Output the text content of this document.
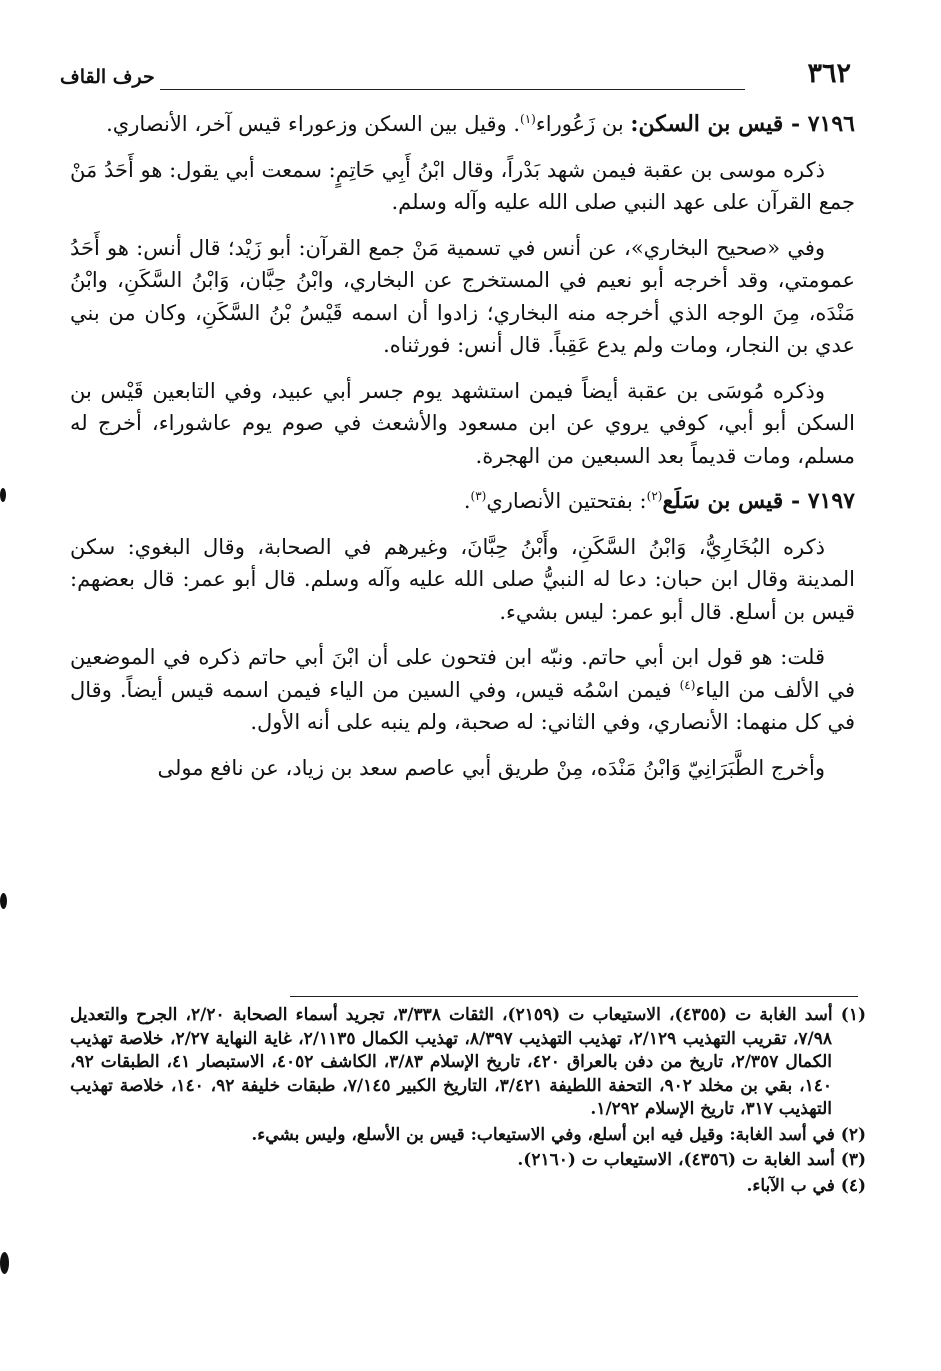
٣٦٢
حرف القاف

٧١٩٦ - قيس بن السكن: بن زَعُوراء$^{(١)}$. وقيل بين السكن وزعوراء قيس آخر، الأنصاري.

ذكره موسى بن عقبة فيمن شهد بَدْراً، وقال ابْنُ أَبِي حَاتِمٍ: سمعت أبي يقول: هو أَحَدُ مَنْ جمع القرآن على عهد النبي صلى الله عليه وآله وسلم.

وفي «صحيح البخاري»، عن أنس في تسمية مَنْ جمع القرآن: أبو زَيْد؛ قال أنس: هو أَحَدُ عمومتي، وقد أخرجه أبو نعيم في المستخرج عن البخاري، وابْنُ حِبَّان، وَابْنُ السَّكَنِ، وابْنُ مَنْدَه، مِنَ الوجه الذي أخرجه منه البخاري؛ زادوا أن اسمه قَيْسُ بْنُ السَّكَنِ، وكان من بني عدي بن النجار، ومات ولم يدع عَقِباً. قال أنس: فورثناه.

وذكره مُوسَى بن عقبة أيضاً فيمن استشهد يوم جسر أبي عبيد، وفي التابعين قَيْس بن السكن أبو أبي، كوفي يروي عن ابن مسعود والأشعث في صوم يوم عاشوراء، أخرج له مسلم، ومات قديماً بعد السبعين من الهجرة.

٧١٩٧ - قيس بن سَلَع$^{(٢)}$: بفتحتين الأنصاري$^{(٣)}$.

ذكره البُخَارِيُّ، وَابْنُ السَّكَنِ، وأَبْنُ حِبَّانَ، وغيرهم في الصحابة، وقال البغوي: سكن المدينة وقال ابن حبان: دعا له النبيُّ صلى الله عليه وآله وسلم. قال أبو عمر: قال بعضهم: قيس بن أسلع. قال أبو عمر: ليس بشيء.

قلت: هو قول ابن أبي حاتم. ونبّه ابن فتحون على أن ابْنَ أبي حاتم ذكره في الموضعين في الألف من الياء$^{(٤)}$ فيمن اسْمُه قيس، وفي السين من الياء فيمن اسمه قيس أيضاً. وقال في كل منهما: الأنصاري، وفي الثاني: له صحبة، ولم ينبه على أنه الأول.

وأخرج الطَّبَرَانِيّ وَابْنُ مَنْدَه، مِنْ طريق أبي عاصم سعد بن زياد، عن نافع مولى

(١) أسد الغابة ت (٤٣٥٥)، الاستيعاب ت (٢١٥٩)، الثقات ٣/٣٣٨، تجريد أسماء الصحابة ٢/٢٠، الجرح والتعديل ٧/٩٨، تقريب التهذيب ٢/١٢٩، تهذيب التهذيب ٨/٣٩٧، تهذيب الكمال ٢/١١٣٥، غاية النهاية ٢/٢٧، خلاصة تهذيب الكمال ٢/٣٥٧، تاريخ من دفن بالعراق ٤٢٠، تاريخ الإسلام ٣/٨٣، الكاشف ٤٠٥٢، الاستبصار ٤١، الطبقات ٩٢، ١٤٠، بقي بن مخلد ٩٠٢، التحفة اللطيفة ٣/٤٢١، التاريخ الكبير ٧/١٤٥، طبقات خليفة ٩٢، ١٤٠، خلاصة تهذيب التهذيب ٣١٧، تاريخ الإسلام ١/٢٩٢.

(٢) في أسد الغابة: وقيل فيه ابن أسلع، وفي الاستيعاب: قيس بن الأسلع، وليس بشيء.

(٣) أسد الغابة ت (٤٣٥٦)، الاستيعاب ت (٢١٦٠).

(٤) في ب الآباء.
